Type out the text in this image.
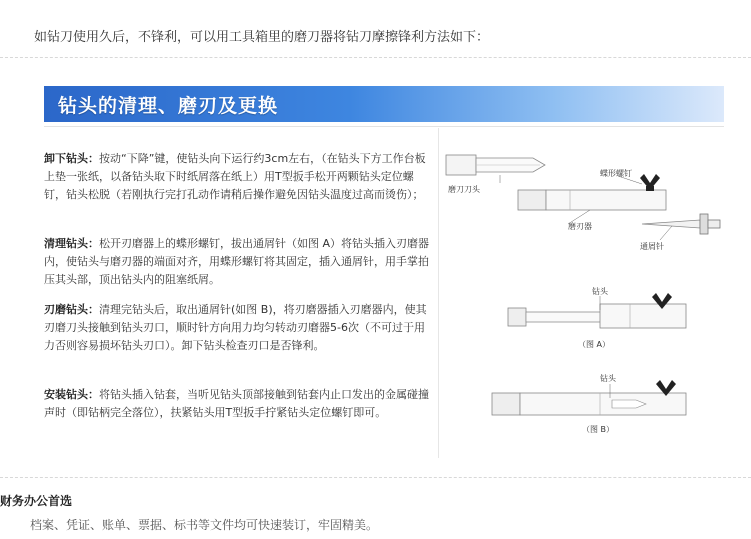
如钻刀使用久后，不锋利，可以用工具箱里的磨刀器将钻刀摩擦锋利方法如下：
钻头的清理、磨刃及更换
卸下钻头：按动“下降”键，使钻头向下运行约3cm左右，（在钻头下方工作台板上垫一张纸，以备钻头取下时纸屑落在纸上）用T型扳手松开两颗钻头定位螺钉，钻头松脱（若刚执行完打孔动作请稍后操作避免因钻头温度过高而烫伤）；
清理钻头：松开刃磨器上的蝶形螺钉，拔出通屑针（如图 A）将钻头插入刃磨器内，使钻头与磨刃器的端面对齐，用蝶形螺钉将其固定，插入通屑针，用手掌拍压其头部，顶出钻头内的阻塞纸屑。
刃磨钻头：清理完钻头后，取出通屑针(如图 B)，将刃磨器插入刃磨器内，使其刃磨刀头接触到钻头刃口，顺时针方向用力均匀转动刃磨器5-6次（不可过于用力否则容易损坏钻头刃口）。卸下钻头检查刃口是否锋利。
安装钻头：将钻头插入钻套，当听见钻头顶部接触到钻套内止口发出的金属碰撞声时（即钻柄完全落位），扶紧钻头用T型扳手拧紧钻头定位螺钉即可。
蝶形螺钉
磨刀刀头
磨刃器
通屑针
钻头
（图 A）
钻头
（图 B）
财务办公首选
档案、凭证、账单、票据、标书等文件均可快速装订，牢固精美。
